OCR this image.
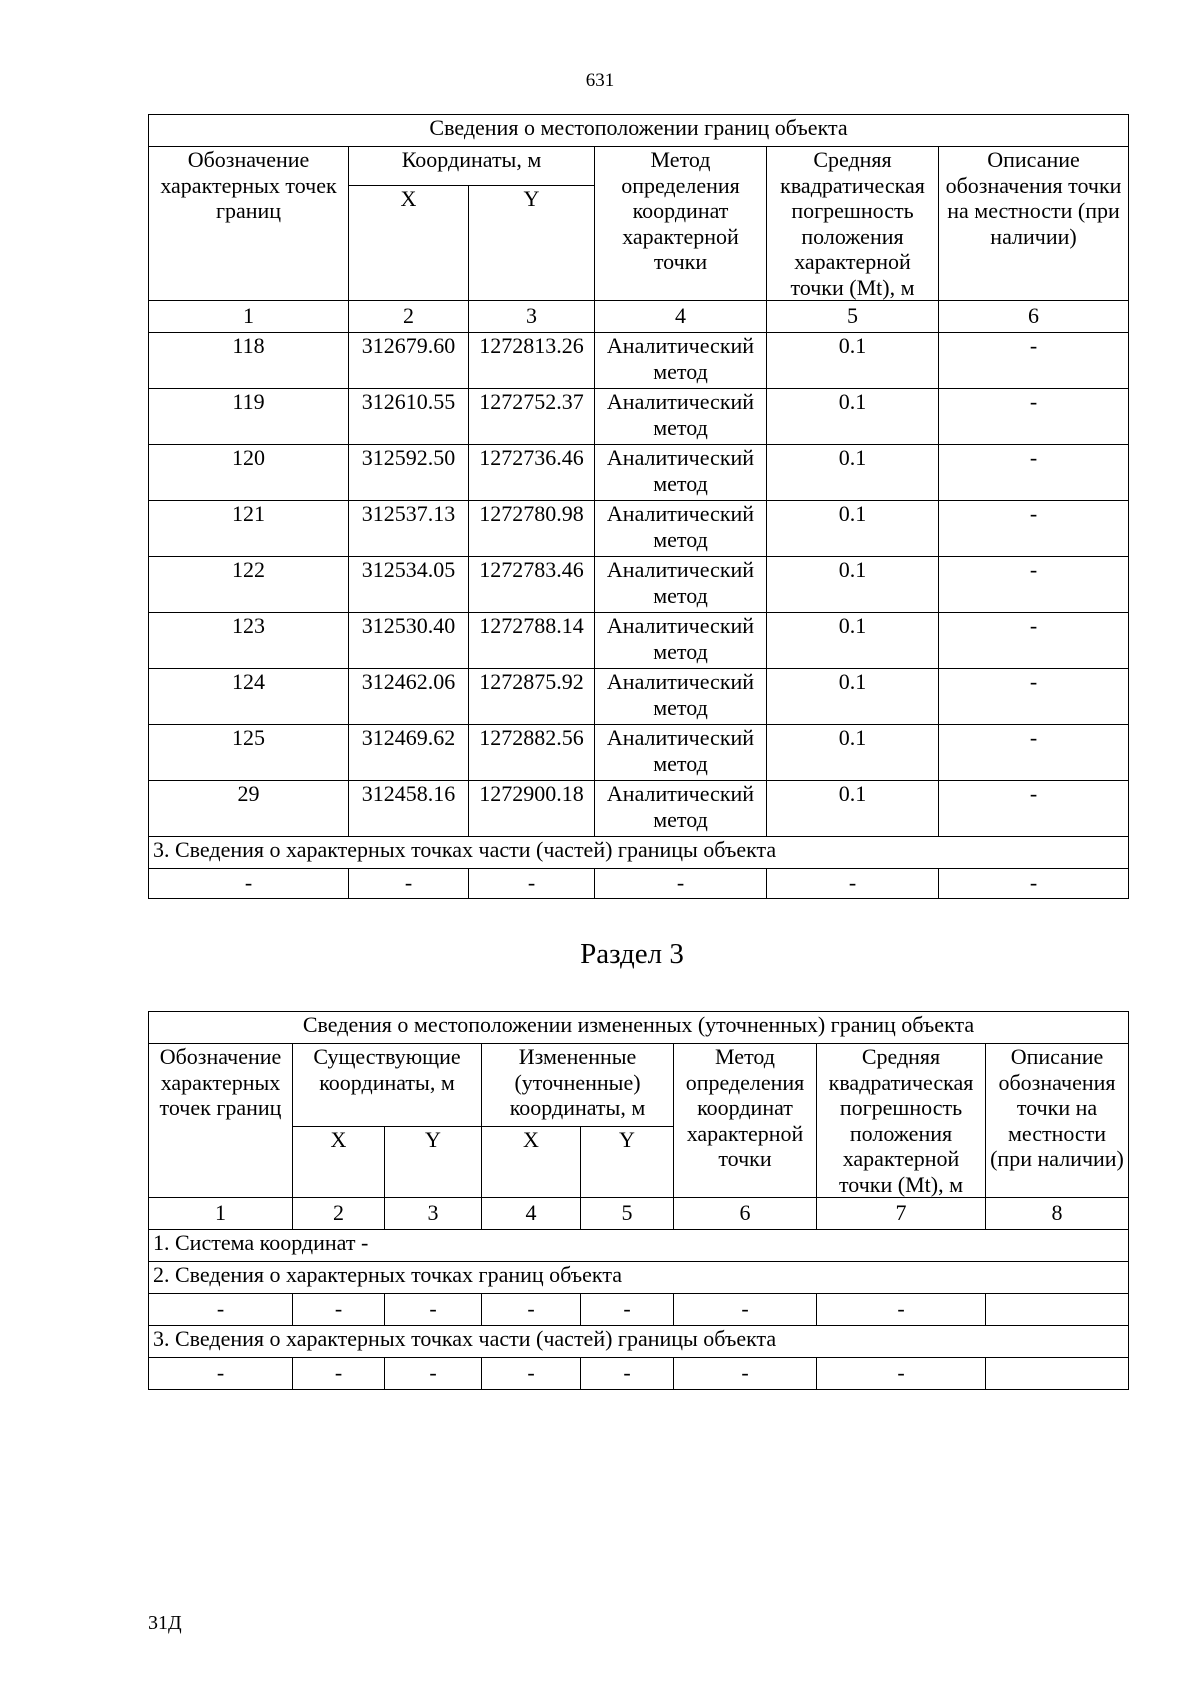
631
Сведения о местоположении границ объекта					
Обозначение характерных точек границ	Координаты, м		Метод определения координат характерной точки	Средняя квадратическая погрешность положения характерной точки (Mt), м	Описание обозначения точки на местности (при наличии)
	X	Y			
1	2	3	4	5	6
118	312679.60	1272813.26	Аналитический метод	0.1	-
119	312610.55	1272752.37	Аналитический метод	0.1	-
120	312592.50	1272736.46	Аналитический метод	0.1	-
121	312537.13	1272780.98	Аналитический метод	0.1	-
122	312534.05	1272783.46	Аналитический метод	0.1	-
123	312530.40	1272788.14	Аналитический метод	0.1	-
124	312462.06	1272875.92	Аналитический метод	0.1	-
125	312469.62	1272882.56	Аналитический метод	0.1	-
29	312458.16	1272900.18	Аналитический метод	0.1	-
3. Сведения о характерных точках части (частей) границы объекта					
-	-	-	-	-	-
Раздел 3
Сведения о местоположении измененных (уточненных) границ объекта							
Обозначение характерных точек границ	Существующие координаты, м		Измененные (уточненные) координаты, м		Метод определения координат характерной точки	Средняя квадратическая погрешность положения характерной точки (Mt), м	Описание обозначения точки на местности (при наличии)
	X	Y	X	Y			
1	2	3	4	5	6	7	8
1. Система координат -							
2. Сведения о характерных точках границ объекта							
-	-	-	-	-	-	-	
3. Сведения о характерных точках части (частей) границы объекта							
-	-	-	-	-	-	-	
31Д
